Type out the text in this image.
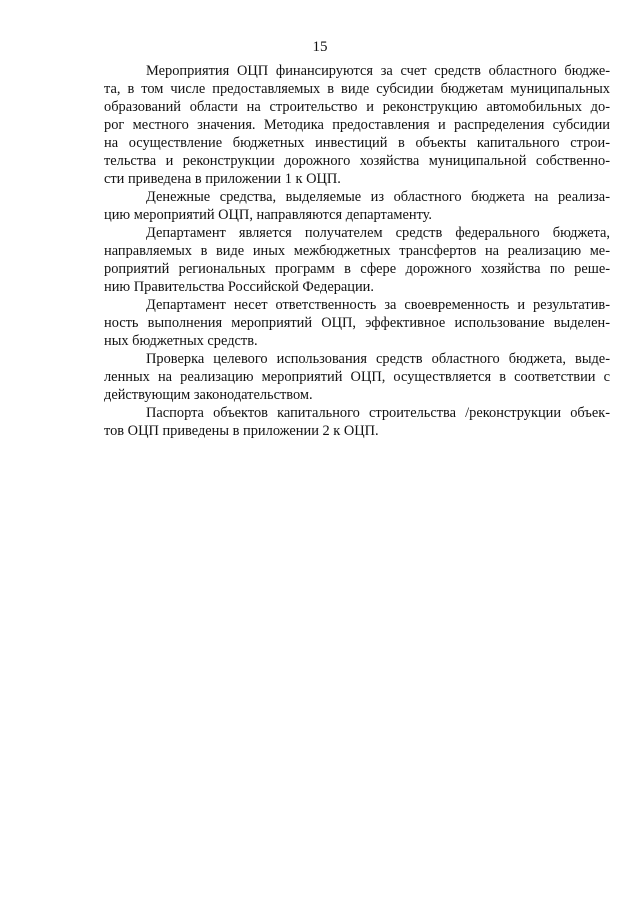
15
Мероприятия ОЦП финансируются за счет средств областного бюдже-
та, в том числе предоставляемых в виде субсидии бюджетам муниципальных
образований области на строительство и реконструкцию автомобильных до-
рог местного значения. Методика предоставления и распределения субсидии
на осуществление бюджетных инвестиций в объекты капитального строи-
тельства и реконструкции дорожного хозяйства муниципальной собственно-
сти приведена в приложении 1 к ОЦП.
Денежные средства, выделяемые из областного бюджета на реализа-
цию мероприятий ОЦП, направляются департаменту.
Департамент является получателем средств федерального бюджета,
направляемых в виде иных межбюджетных трансфертов на реализацию ме-
роприятий региональных программ в сфере дорожного хозяйства по реше-
нию Правительства Российской Федерации.
Департамент несет ответственность за своевременность и результатив-
ность выполнения мероприятий ОЦП, эффективное использование выделен-
ных бюджетных средств.
Проверка целевого использования средств областного бюджета, выде-
ленных на реализацию мероприятий ОЦП, осуществляется в соответствии с
действующим законодательством.
Паспорта объектов капитального строительства /реконструкции объек-
тов ОЦП приведены в приложении 2 к ОЦП.
